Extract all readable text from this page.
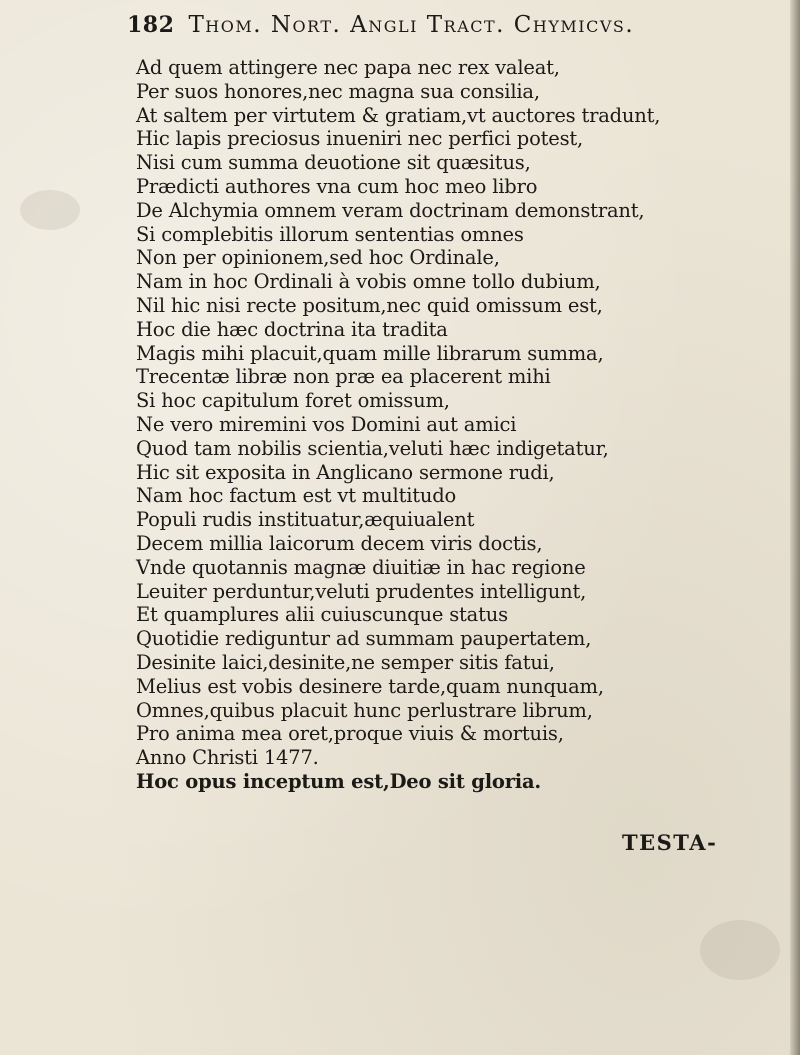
182 Thom. Nort. Angli Tract. Chymicvs.
Ad quem attingere nec papa nec rex valeat,
Per suos honores,nec magna sua consilia,
At saltem per virtutem & gratiam,vt auctores tradunt,
Hic lapis preciosus inueniri nec perfici potest,
Nisi cum summa deuotione sit quæsitus,
Prædicti authores vna cum hoc meo libro
De Alchymia omnem veram doctrinam demonstrant,
Si complebitis illorum sententias omnes
Non per opinionem,sed hoc Ordinale,
Nam in hoc Ordinali à vobis omne tollo dubium,
Nil hic nisi recte positum,nec quid omissum est,
Hoc die hæc doctrina ita tradita
Magis mihi placuit,quam mille librarum summa,
Trecentæ libræ non præ ea placerent mihi
Si hoc capitulum foret omissum,
Ne vero miremini vos Domini aut amici
Quod tam nobilis scientia,veluti hæc indigetatur,
Hic sit exposita in Anglicano sermone rudi,
Nam hoc factum est vt multitudo
Populi rudis instituatur,æquiualent
Decem millia laicorum decem viris doctis,
Vnde quotannis magnæ diuitiæ in hac regione
Leuiter perduntur,veluti prudentes intelligunt,
Et quamplures alii cuiuscunque status
Quotidie rediguntur ad summam paupertatem,
Desinite laici,desinite,ne semper sitis fatui,
Melius est vobis desinere tarde,quam nunquam,
Omnes,quibus placuit hunc perlustrare librum,
Pro anima mea oret,proque viuis & mortuis,
Anno Christi 1477.
Hoc opus inceptum est,Deo sit gloria.
TESTA-
